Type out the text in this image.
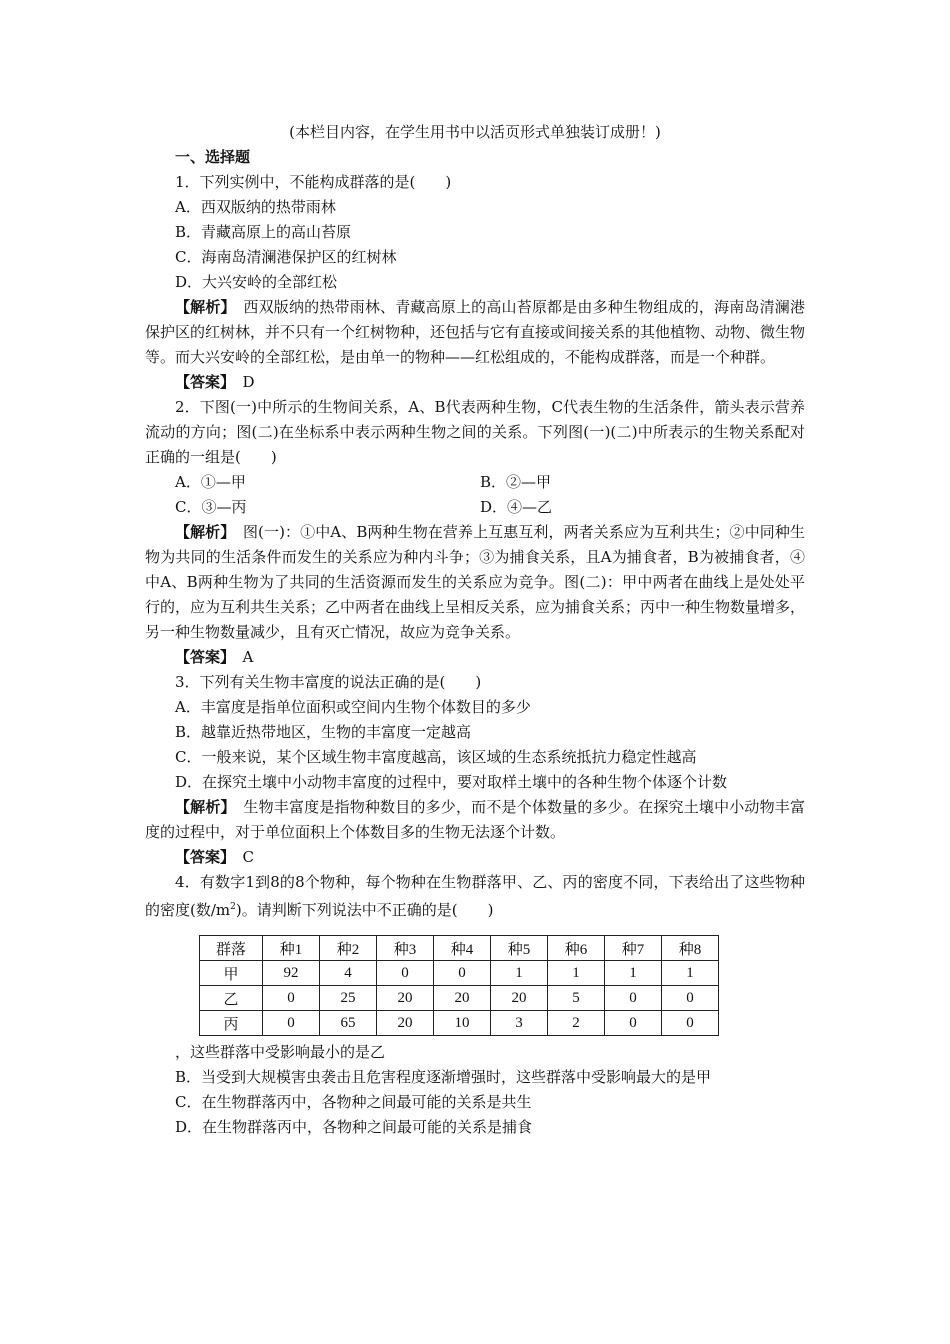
(本栏目内容，在学生用书中以活页形式单独装订成册！)
一、选择题
1．下列实例中，不能构成群落的是(　　)
A．西双版纳的热带雨林
B．青藏高原上的高山苔原
C．海南岛清澜港保护区的红树林
D．大兴安岭的全部红松
【解析】　西双版纳的热带雨林、青藏高原上的高山苔原都是由多种生物组成的，海南岛清澜港保护区的红树林，并不只有一个红树物种，还包括与它有直接或间接关系的其他植物、动物、微生物等。而大兴安岭的全部红松，是由单一的物种——红松组成的，不能构成群落，而是一个种群。
【答案】　D
2．下图(一)中所示的生物间关系，A、B代表两种生物，C代表生物的生活条件，箭头表示营养流动的方向；图(二)在坐标系中表示两种生物之间的关系。下列图(一)(二)中所表示的生物关系配对正确的一组是(　　)
A．①—甲	B．②—甲
C．③—丙	D．④—乙
【解析】　图(一)：①中A、B两种生物在营养上互惠互利，两者关系应为互利共生；②中同种生物为共同的生活条件而发生的关系应为种内斗争；③为捕食关系，且A为捕食者，B为被捕食者，④中A、B两种生物为了共同的生活资源而发生的关系应为竞争。图(二)：甲中两者在曲线上是处处平行的，应为互利共生关系；乙中两者在曲线上呈相反关系，应为捕食关系；丙中一种生物数量增多，另一种生物数量减少，且有灭亡情况，故应为竞争关系。
【答案】　A
3．下列有关生物丰富度的说法正确的是(　　)
A．丰富度是指单位面积或空间内生物个体数目的多少
B．越靠近热带地区，生物的丰富度一定越高
C．一般来说，某个区域生物丰富度越高，该区域的生态系统抵抗力稳定性越高
D．在探究土壤中小动物丰富度的过程中，要对取样土壤中的各种生物个体逐个计数
【解析】　生物丰富度是指物种数目的多少，而不是个体数量的多少。在探究土壤中小动物丰富度的过程中，对于单位面积上个体数目多的生物无法逐个计数。
【答案】　C
4．有数字1到8的8个物种，每个物种在生物群落甲、乙、丙的密度不同，下表给出了这些物种的密度(数$/m^2$)。请判断下列说法中不正确的是(　　)
群落	种1	种2	种3	种4	种5	种6	种7	种8
甲	92	4	0	0	1	1	1	1
乙	0	25	20	20	20	5	0	0
丙	0	65	20	10	3	2	0	0
，这些群落中受影响最小的是乙
B．当受到大规模害虫袭击且危害程度逐渐增强时，这些群落中受影响最大的是甲
C．在生物群落丙中，各物种之间最可能的关系是共生
D．在生物群落丙中，各物种之间最可能的关系是捕食
